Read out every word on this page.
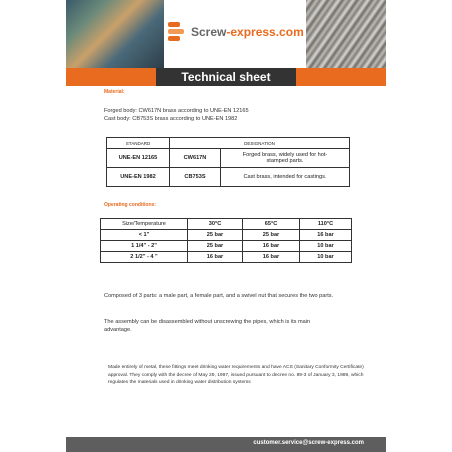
Screw-express.com
Technical sheet
Material:
Forged body: CW617N brass according to UNE-EN 12165
Cast body: CB753S brass according to UNE-EN 1982
STANDARD	DESIGNATION	
UNE-EN 12165	CW617N	Forged brass, widely used for hot-stamped parts.
UNE-EN 1982	CB753S	Cast brass, intended for castings.
Operating conditions:
Size/Temperature	30°C	65°C	110°C
< 1"	25 bar	25 bar	16 bar
1 1/4" - 2"	25 bar	16 bar	10 bar
2 1/2" - 4 "	16 bar	16 bar	10 bar
Composed of 3 parts: a male part, a female part, and a swivel nut that secures the two parts.
The assembly can be disassembled without unscrewing the pipes, which is its main advantage.
Made entirely of metal, these fittings meet drinking water requirements and have ACS (Sanitary Conformity Certificate) approval. They comply with the decree of May 29, 1997, issued pursuant to decree no. 89-3 of January 3, 1989, which regulates the materials used in drinking water distribution systems
customer.service@screw-express.com
